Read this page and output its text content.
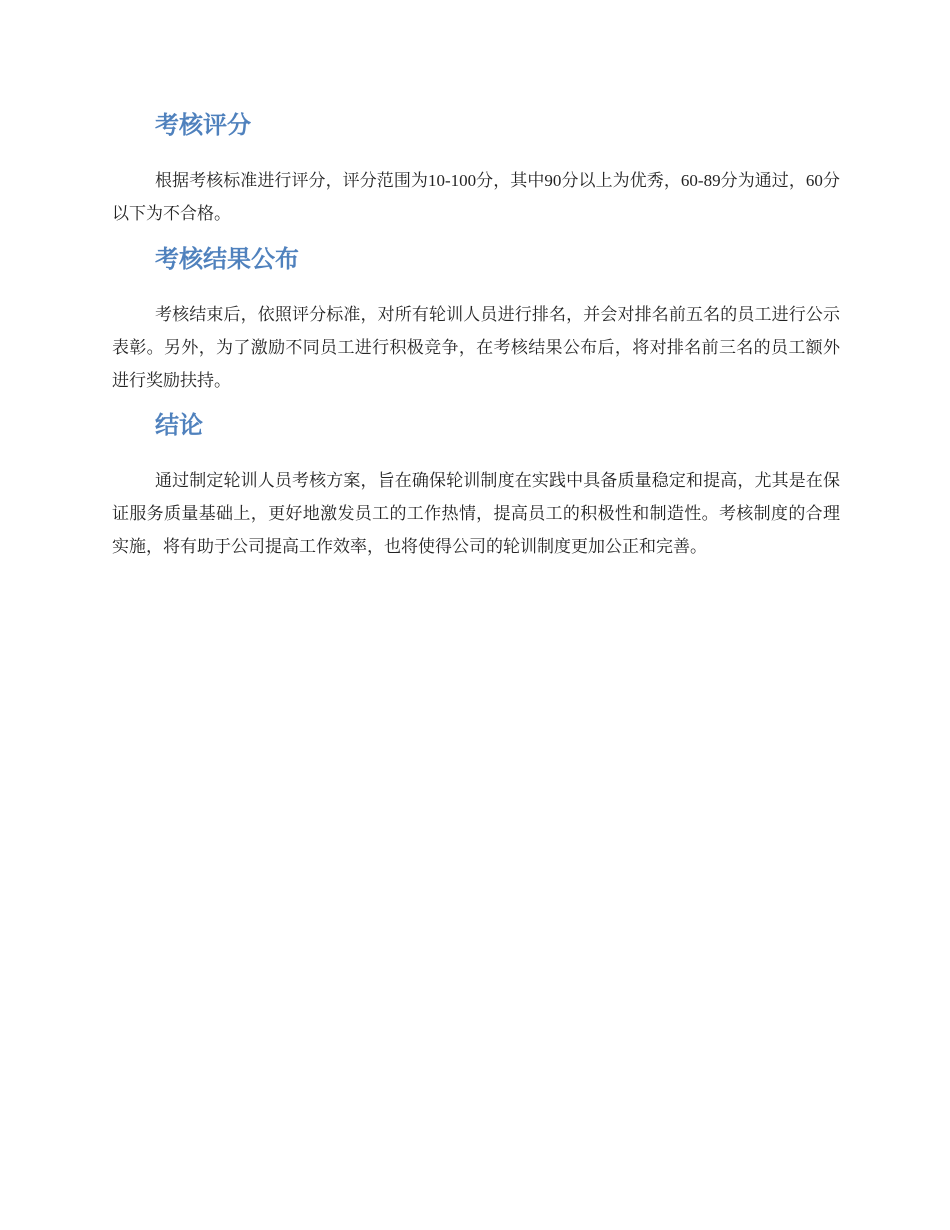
考核评分

根据考核标准进行评分，评分范围为10-100分，其中90分以上为优秀，60-89分为通过，60分以下为不合格。

考核结果公布

考核结束后，依照评分标准，对所有轮训人员进行排名，并会对排名前五名的员工进行公示表彰。另外，为了激励不同员工进行积极竞争，在考核结果公布后，将对排名前三名的员工额外进行奖励扶持。

结论

通过制定轮训人员考核方案，旨在确保轮训制度在实践中具备质量稳定和提高，尤其是在保证服务质量基础上，更好地激发员工的工作热情，提高员工的积极性和制造性。考核制度的合理实施，将有助于公司提高工作效率，也将使得公司的轮训制度更加公正和完善。
